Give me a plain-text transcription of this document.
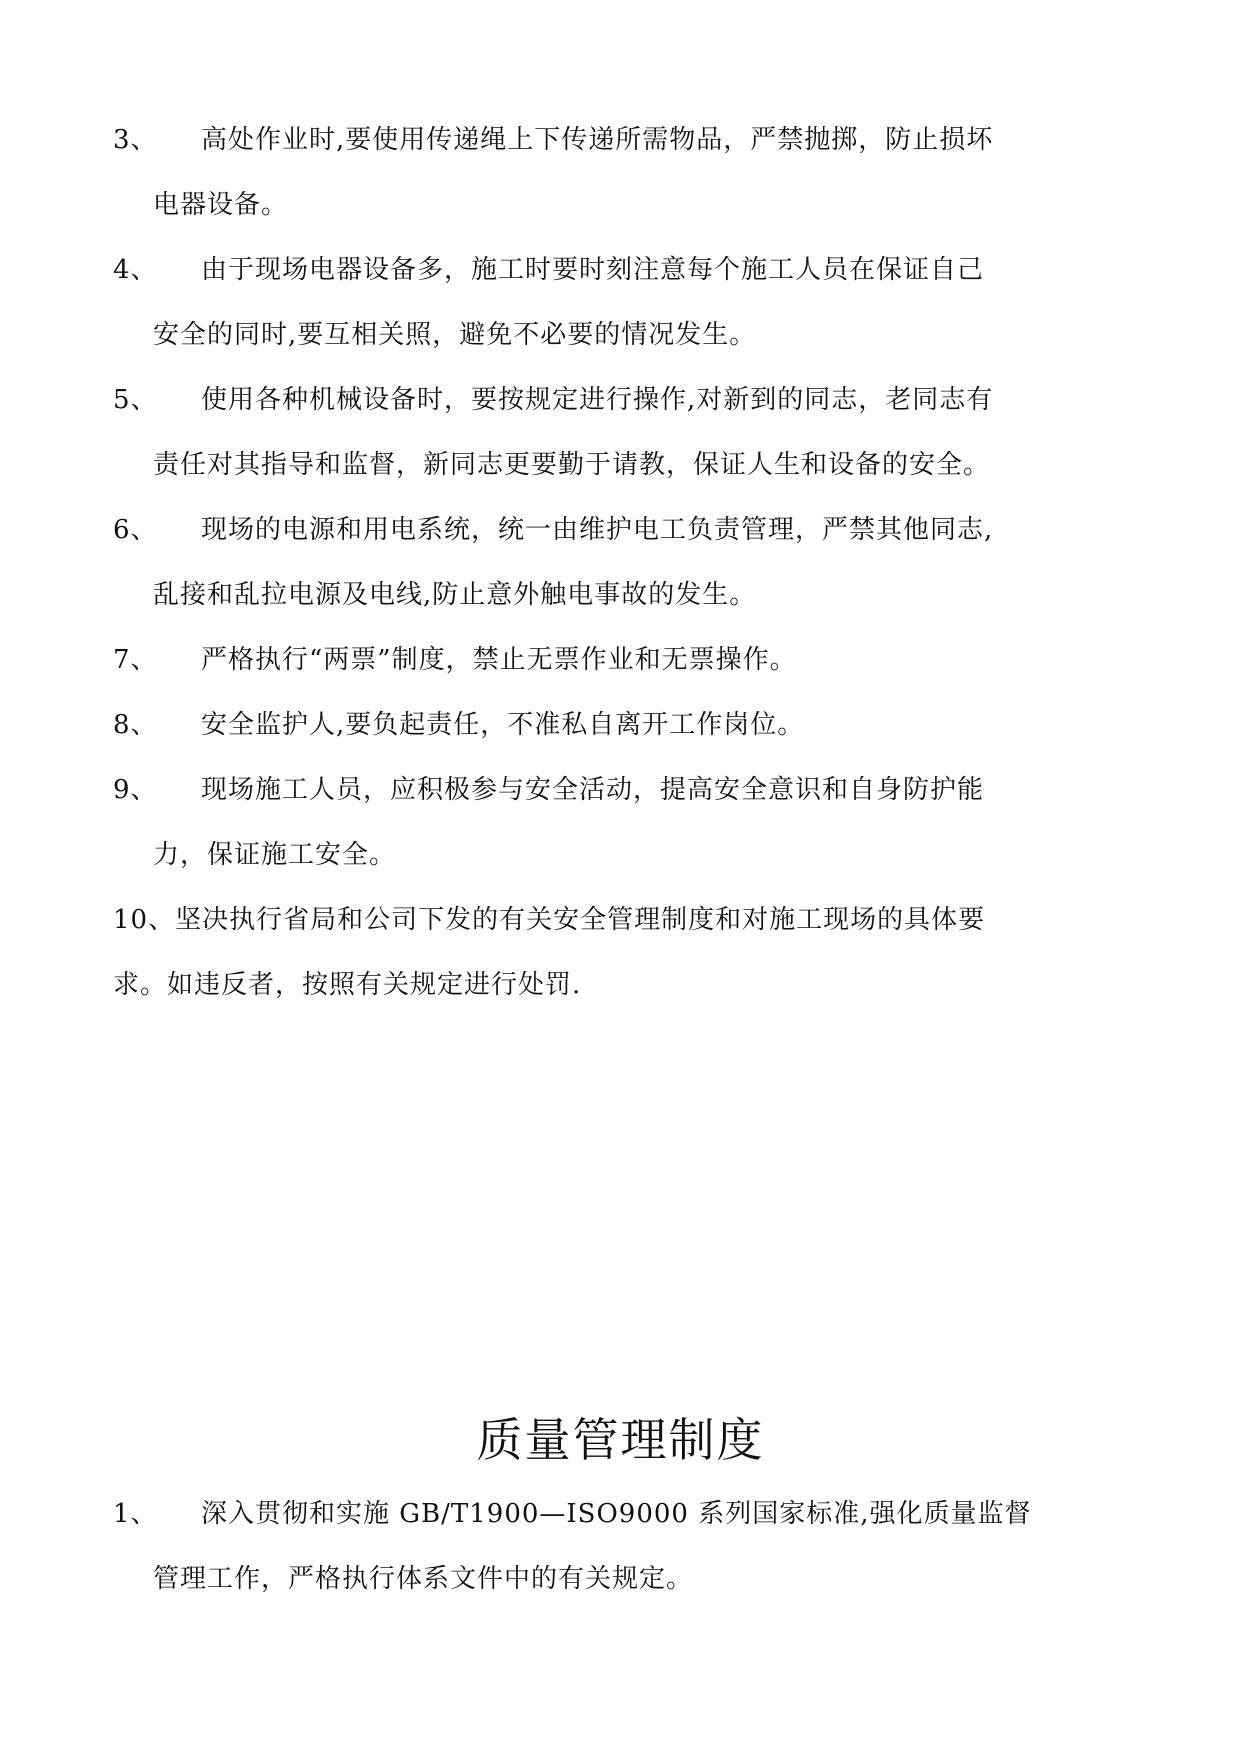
3、 高处作业时,要使用传递绳上下传递所需物品，严禁抛掷，防止损坏
电器设备。
4、 由于现场电器设备多，施工时要时刻注意每个施工人员在保证自己
安全的同时,要互相关照，避免不必要的情况发生。
5、 使用各种机械设备时，要按规定进行操作,对新到的同志，老同志有
责任对其指导和监督，新同志更要勤于请教，保证人生和设备的安全。
6、 现场的电源和用电系统，统一由维护电工负责管理，严禁其他同志,
乱接和乱拉电源及电线,防止意外触电事故的发生。
7、 严格执行“两票”制度，禁止无票作业和无票操作。
8、 安全监护人,要负起责任，不准私自离开工作岗位。
9、 现场施工人员，应积极参与安全活动，提高安全意识和自身防护能
力，保证施工安全。
10、坚决执行省局和公司下发的有关安全管理制度和对施工现场的具体要
求。如违反者，按照有关规定进行处罚.
质量管理制度
1、 深入贯彻和实施 GB/T1900—ISO9000 系列国家标准,强化质量监督
管理工作，严格执行体系文件中的有关规定。
